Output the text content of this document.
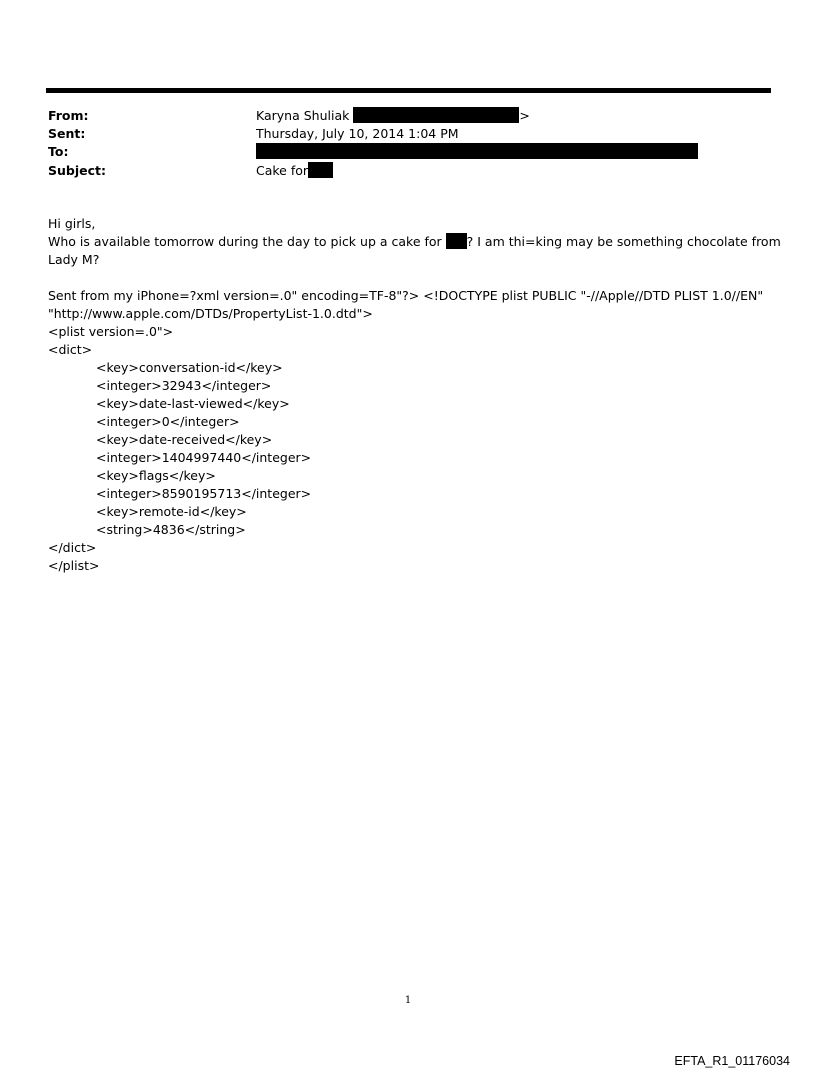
From:	Karyna Shuliak	>
Sent:	Thursday, July 10, 2014 1:04 PM
To:
Subject:	Cake for
Hi girls,
Who is available tomorrow during the day to pick up a cake for ? I am thi=king may be something chocolate from
Lady M?
Sent from my iPhone=?xml version=.0" encoding=TF-8"?> <!DOCTYPE plist PUBLIC "-//Apple//DTD PLIST 1.0//EN"
"http://www.apple.com/DTDs/PropertyList-1.0.dtd">
<plist version=.0">
<dict>
<key>conversation-id</key>
<integer>32943</integer>
<key>date-last-viewed</key>
<integer>0</integer>
<key>date-received</key>
<integer>1404997440</integer>
<key>flags</key>
<integer>8590195713</integer>
<key>remote-id</key>
<string>4836</string>
</dict>
</plist>
1
EFTA_R1_01176034
